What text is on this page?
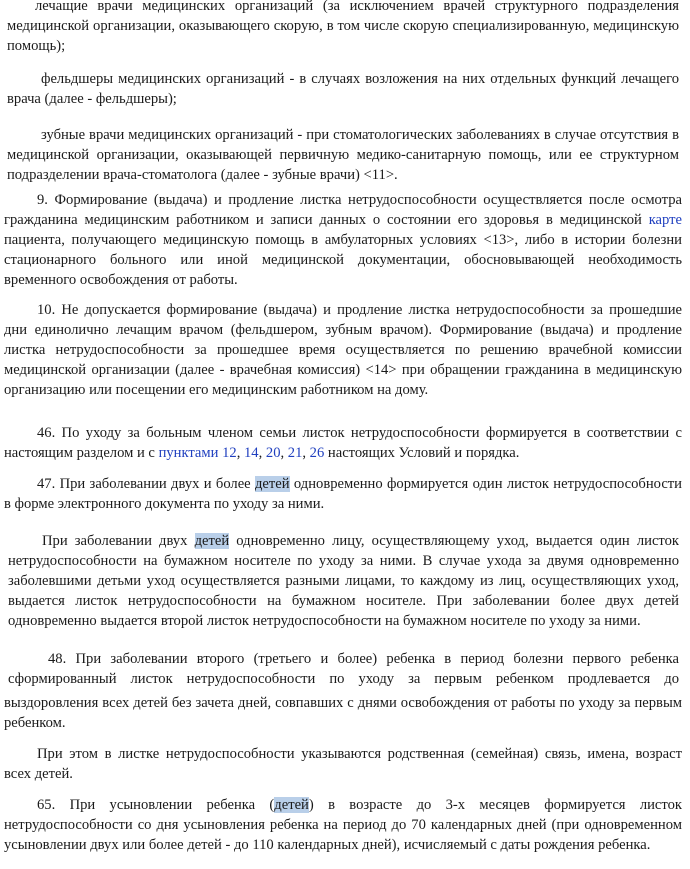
лечащие врачи медицинских организаций (за исключением врачей структурного подразделения медицинской организации, оказывающего скорую, в том числе скорую специализированную, медицинскую помощь);

фельдшеры медицинских организаций - в случаях возложения на них отдельных функций лечащего врача (далее - фельдшеры);

зубные врачи медицинских организаций - при стоматологических заболеваниях в случае отсутствия в медицинской организации, оказывающей первичную медико-санитарную помощь, или ее структурном подразделении врача-стоматолога (далее - зубные врачи) <11>.

9. Формирование (выдача) и продление листка нетрудоспособности осуществляется после осмотра гражданина медицинским работником и записи данных о состоянии его здоровья в медицинской карте пациента, получающего медицинскую помощь в амбулаторных условиях <13>, либо в истории болезни стационарного больного или иной медицинской документации, обосновывающей необходимость временного освобождения от работы.

10. Не допускается формирование (выдача) и продление листка нетрудоспособности за прошедшие дни единолично лечащим врачом (фельдшером, зубным врачом). Формирование (выдача) и продление листка нетрудоспособности за прошедшее время осуществляется по решению врачебной комиссии медицинской организации (далее - врачебная комиссия) <14> при обращении гражданина в медицинскую организацию или посещении его медицинским работником на дому.

46. По уходу за больным членом семьи листок нетрудоспособности формируется в соответствии с настоящим разделом и с пунктами 12, 14, 20, 21, 26 настоящих Условий и порядка.

47. При заболевании двух и более детей одновременно формируется один листок нетрудоспособности в форме электронного документа по уходу за ними.

При заболевании двух детей одновременно лицу, осуществляющему уход, выдается один листок нетрудоспособности на бумажном носителе по уходу за ними. В случае ухода за двумя одновременно заболевшими детьми уход осуществляется разными лицами, то каждому из лиц, осуществляющих уход, выдается листок нетрудоспособности на бумажном носителе. При заболевании более двух детей одновременно выдается второй листок нетрудоспособности на бумажном носителе по уходу за ними.

48. При заболевании второго (третьего и более) ребенка в период болезни первого ребенка сформированный листок нетрудоспособности по уходу за первым ребенком продлевается до

выздоровления всех детей без зачета дней, совпавших с днями освобождения от работы по уходу за первым ребенком.

При этом в листке нетрудоспособности указываются родственная (семейная) связь, имена, возраст всех детей.

65. При усыновлении ребенка (детей) в возрасте до 3-х месяцев формируется листок нетрудоспособности со дня усыновления ребенка на период до 70 календарных дней (при одновременном усыновлении двух или более детей - до 110 календарных дней), исчисляемый с даты рождения ребенка.
